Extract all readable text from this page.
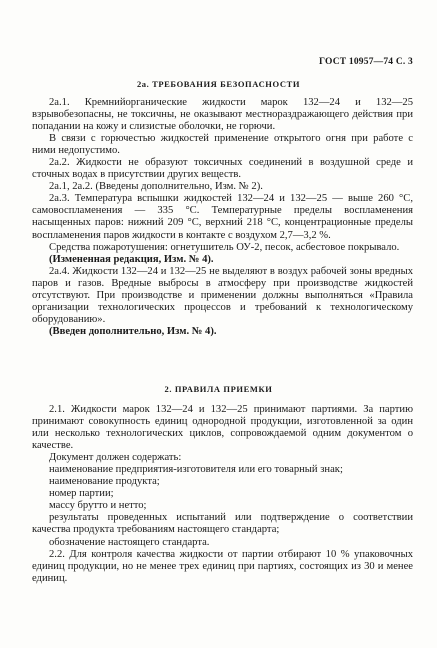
ГОСТ 10957—74 С. 3
2а. ТРЕБОВАНИЯ БЕЗОПАСНОСТИ

2а.1. Кремнийорганические жидкости марок 132—24 и 132—25 взрывобезопасны, не токсичны, не оказывают местнораздражающего действия при попадании на кожу и слизистые оболочки, не горючи.

В связи с горючестью жидкостей применение открытого огня при работе с ними недопустимо.

2а.2. Жидкости не образуют токсичных соединений в воздушной среде и сточных водах в присутствии других веществ.

2а.1, 2а.2. (Введены дополнительно, Изм. № 2).

2а.3. Температура вспышки жидкостей 132—24 и 132—25 — выше 260 °С, самовоспламенения — 335 °С. Температурные пределы воспламенения насыщенных паров: нижний 209 °С, верхний 218 °С, концентрационные пределы воспламенения паров жидкости в контакте с воздухом 2,7—3,2 %.

Средства пожаротушения: огнетушитель ОУ-2, песок, асбестовое покрывало.

(Измененная редакция, Изм. № 4).

2а.4. Жидкости 132—24 и 132—25 не выделяют в воздух рабочей зоны вредных паров и газов. Вредные выбросы в атмосферу при производстве жидкостей отсутствуют. При производстве и применении должны выполняться «Правила организации технологических процессов и требований к технологическому оборудованию».

(Введен дополнительно, Изм. № 4).

2. ПРАВИЛА ПРИЕМКИ

2.1. Жидкости марок 132—24 и 132—25 принимают партиями. За партию принимают совокупность единиц однородной продукции, изготовленной за один или несколько технологических циклов, сопровождаемой одним документом о качестве.

Документ должен содержать:

наименование предприятия-изготовителя или его товарный знак;

наименование продукта;

номер партии;

массу брутто и нетто;

результаты проведенных испытаний или подтверждение о соответствии качества продукта требованиям настоящего стандарта;

обозначение настоящего стандарта.

2.2. Для контроля качества жидкости от партии отбирают 10 % упаковочных единиц продукции, но не менее трех единиц при партиях, состоящих из 30 и менее единиц.
